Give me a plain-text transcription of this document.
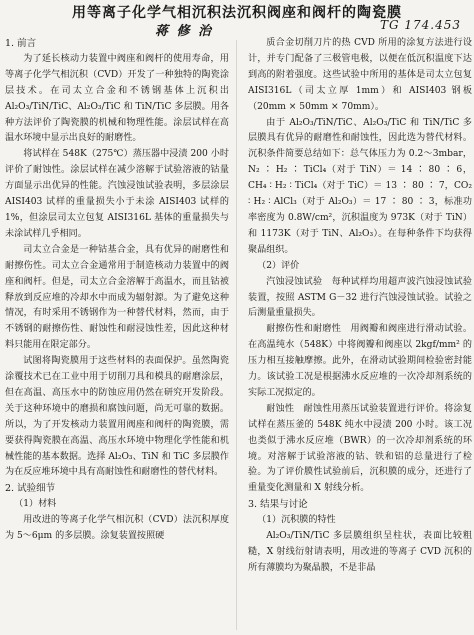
用等离子化学气相沉积法沉积阀座和阀杆的陶瓷膜
蒋 修 治	TG 174.453
1. 前言

为了延长核动力装置中阀座和阀杆的使用寿命，用等离子化学气相沉积（CVD）开发了一种独特的陶瓷涂层技术。在司太立合金和不锈钢基体上沉积出 Al₂O₃/TiN/TiC、Al₂O₃/TiC 和 TiN/TiC 多层膜。用各种方法评价了陶瓷膜的机械和物理性能。涂层试样在高温水环境中显示出良好的耐磨性。

将试样在 548K（275℃）蒸压器中浸渍 200 小时评价了耐蚀性。涂层试样在减少溶解于试验溶液的钴量方面显示出优异的性能。汽蚀浸蚀试验表明，多层涂层 AISI403 试样的重量损失小于未涂 AISI403 试样的 1%，但涂层司太立包复 AISI316L 基体的重量损失与未涂试样几乎相同。

司太立合金是一种钴基合金，具有优异的耐磨性和耐擦伤性。司太立合金通常用于制造核动力装置中的阀座和阀杆。但是，司太立合金溶解于高温水，而且钴被释放到反应堆的冷却水中而成为辐射源。为了避免这种情况，有时采用不锈钢作为一种替代材料，然而，由于不锈钢的耐擦伤性、耐蚀性和耐浸蚀性差，因此这种材料只能用在限定部分。

试图将陶瓷膜用于这些材料的表面保护。虽然陶瓷涂覆技术已在工业中用于切削刀具和模具的耐磨涂层，但在高温、高压水中的防蚀应用仍然在研究开发阶段。关于这种环境中的磨损和腐蚀问题，尚无可靠的数据。所以，为了开发核动力装置用阀座和阀杆的陶瓷膜，需要获得陶瓷膜在高温、高压水环境中物理化学性能和机械性能的基本数据。选择 Al₂O₃、TiN 和 TiC 多层膜作为在反应堆环境中具有高耐蚀性和耐磨性的替代材料。

2. 试验细节
（1）材料

用改进的等离子化学气相沉积（CVD）法沉积厚度为 5～6μm 的多层膜。涂复装置按照硬

质合金切削刀片的热 CVD 所用的涂复方法进行设计，并专门配备了三极管电极，以便在低沉积温度下达到高的附着强度。这些试验中所用的基体是司太立包复 AISI316L（司太立厚 1mm）和 AISI403 钢板（20mm × 50mm × 70mm）。

由于 Al₂O₃/TiN/TiC、Al₂O₃/TiC 和 TiN/TiC 多层膜具有优异的耐磨性和耐蚀性，因此选为替代材料。沉积条件简要总结如下：总气体压力为 0.2～3mbar，N₂ ∶ H₂ ∶ TiCl₄（对于 TiN）＝ 14 ∶ 80 ∶ 6，CH₄ ∶ H₂ ∶ TiCl₄（对于 TiC）＝ 13 ∶ 80 ∶ 7，CO₂ ∶ H₂ ∶ AlCl₃（对于 Al₂O₃）＝ 17 ∶ 80 ∶ 3，标准功率密度为 0.8W/cm²，沉积温度为 973K（对于 TiN）和 1173K（对于 TiN、Al₂O₃）。在每种条件下均获得聚晶组织。

（2）评价

汽蚀浸蚀试验　每种试样均用超声波汽蚀浸蚀试验装置，按照 ASTM G－32 进行汽蚀浸蚀试验。试验之后测量重量损失。

耐擦伤性和耐磨性　用阀瓣和阀座进行滑动试验。在高温纯水（548K）中将阀瓣和阀座以 2kgf/mm² 的压力相互接触摩擦。此外，在滑动试验期间检验密封能力。该试验工况是根据沸水反应堆的一次冷却剂系统的实际工况拟定的。

耐蚀性　耐蚀性用蒸压试验装置进行评价。将涂复试样在蒸压釜的 548K 纯水中浸渍 200 小时。该工况也类似于沸水反应堆（BWR）的一次冷却剂系统的环境。对溶解于试验溶液的钴、铁和铝的总量进行了检验。为了评价膜性试验前后，沉积膜的成分，还进行了重量变化测量和 X 射线分析。

3. 结果与讨论
（1）沉积膜的特性

Al₂O₃/TiN/TiC 多层膜组织呈柱状，表面比较粗糙，X 射线衍射请表明，用改进的等离子 CVD 沉积的所有薄膜均为聚晶膜，不是非晶
